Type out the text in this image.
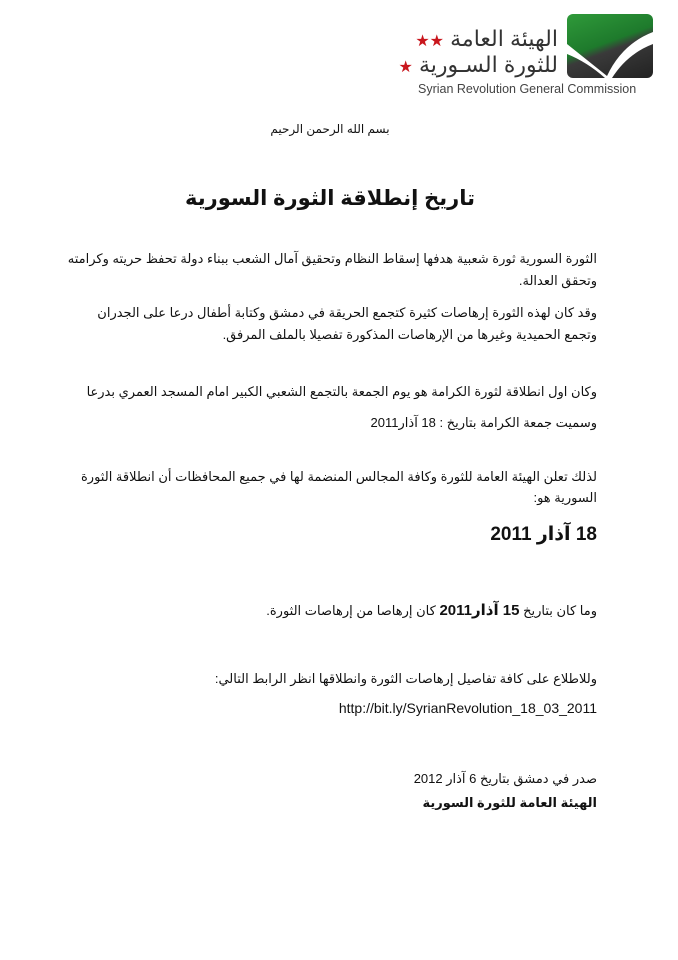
الهيئة العامة ★★
للثورة السـورية ★
Syrian Revolution General Commission
بسم الله الرحمن الرحيم
تاريخ إنطلاقة الثورة السورية
الثورة السورية ثورة شعبية هدفها إسقاط النظام وتحقيق آمال الشعب ببناء دولة تحفظ حريته وكرامته
وتحقق العدالة.
وقد كان لهذه الثورة إرهاصات كثيرة كتجمع الحريقة في دمشق وكتابة أطفال درعا على الجدران
وتجمع الحميدية وغيرها من الإرهاصات المذكورة تفصيلا بالملف المرفق.
وكان اول انطلاقة لثورة الكرامة هو يوم الجمعة بالتجمع الشعبي الكبير امام المسجد العمري بدرعا
وسميت جمعة الكرامة بتاريخ : 18 آذار2011
لذلك تعلن الهيئة العامة للثورة وكافة المجالس المنضمة لها في جميع المحافظات أن انطلاقة الثورة
السورية هو:
18 آذار 2011
وما كان بتاريخ 15 آذار2011 كان إرهاصا من إرهاصات الثورة.
وللاطلاع على كافة تفاصيل إرهاصات الثورة وانطلاقها انظر الرابط التالي:
http://bit.ly/SyrianRevolution_18_03_2011
صدر في دمشق بتاريخ 6 آذار 2012
الهيئة العامة للثورة السورية
